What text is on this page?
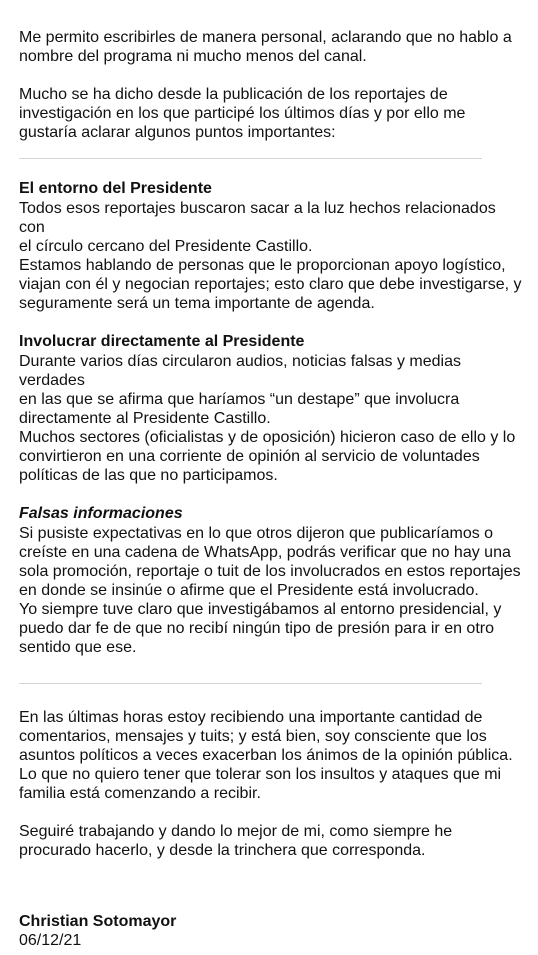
Me permito escribirles de manera personal, aclarando que no hablo a
nombre del programa ni mucho menos del canal.

Mucho se ha dicho desde la publicación de los reportajes de
investigación en los que participé los últimos días y por ello me
gustaría aclarar algunos puntos importantes:

El entorno del Presidente

Todos esos reportajes buscaron sacar a la luz hechos relacionados con
el círculo cercano del Presidente Castillo.
Estamos hablando de personas que le proporcionan apoyo logístico,
viajan con él y negocian reportajes; esto claro que debe investigarse, y
seguramente será un tema importante de agenda.

Involucrar directamente al Presidente

Durante varios días circularon audios, noticias falsas y medias verdades
en las que se afirma que haríamos “un destape” que involucra
directamente al Presidente Castillo.
Muchos sectores (oficialistas y de oposición) hicieron caso de ello y lo
convirtieron en una corriente de opinión al servicio de voluntades
políticas de las que no participamos.

Falsas informaciones

Si pusiste expectativas en lo que otros dijeron que publicaríamos o
creíste en una cadena de WhatsApp, podrás verificar que no hay una
sola promoción, reportaje o tuit de los involucrados en estos reportajes
en donde se insinúe o afirme que el Presidente está involucrado.
Yo siempre tuve claro que investigábamos al entorno presidencial, y
puedo dar fe de que no recibí ningún tipo de presión para ir en otro
sentido que ese.

En las últimas horas estoy recibiendo una importante cantidad de
comentarios, mensajes y tuits; y está bien, soy consciente que los
asuntos políticos a veces exacerban los ánimos de la opinión pública.
Lo que no quiero tener que tolerar son los insultos y ataques que mi
familia está comenzando a recibir.

Seguiré trabajando y dando lo mejor de mi, como siempre he
procurado hacerlo, y desde la trinchera que corresponda.

Christian Sotomayor

06/12/21
